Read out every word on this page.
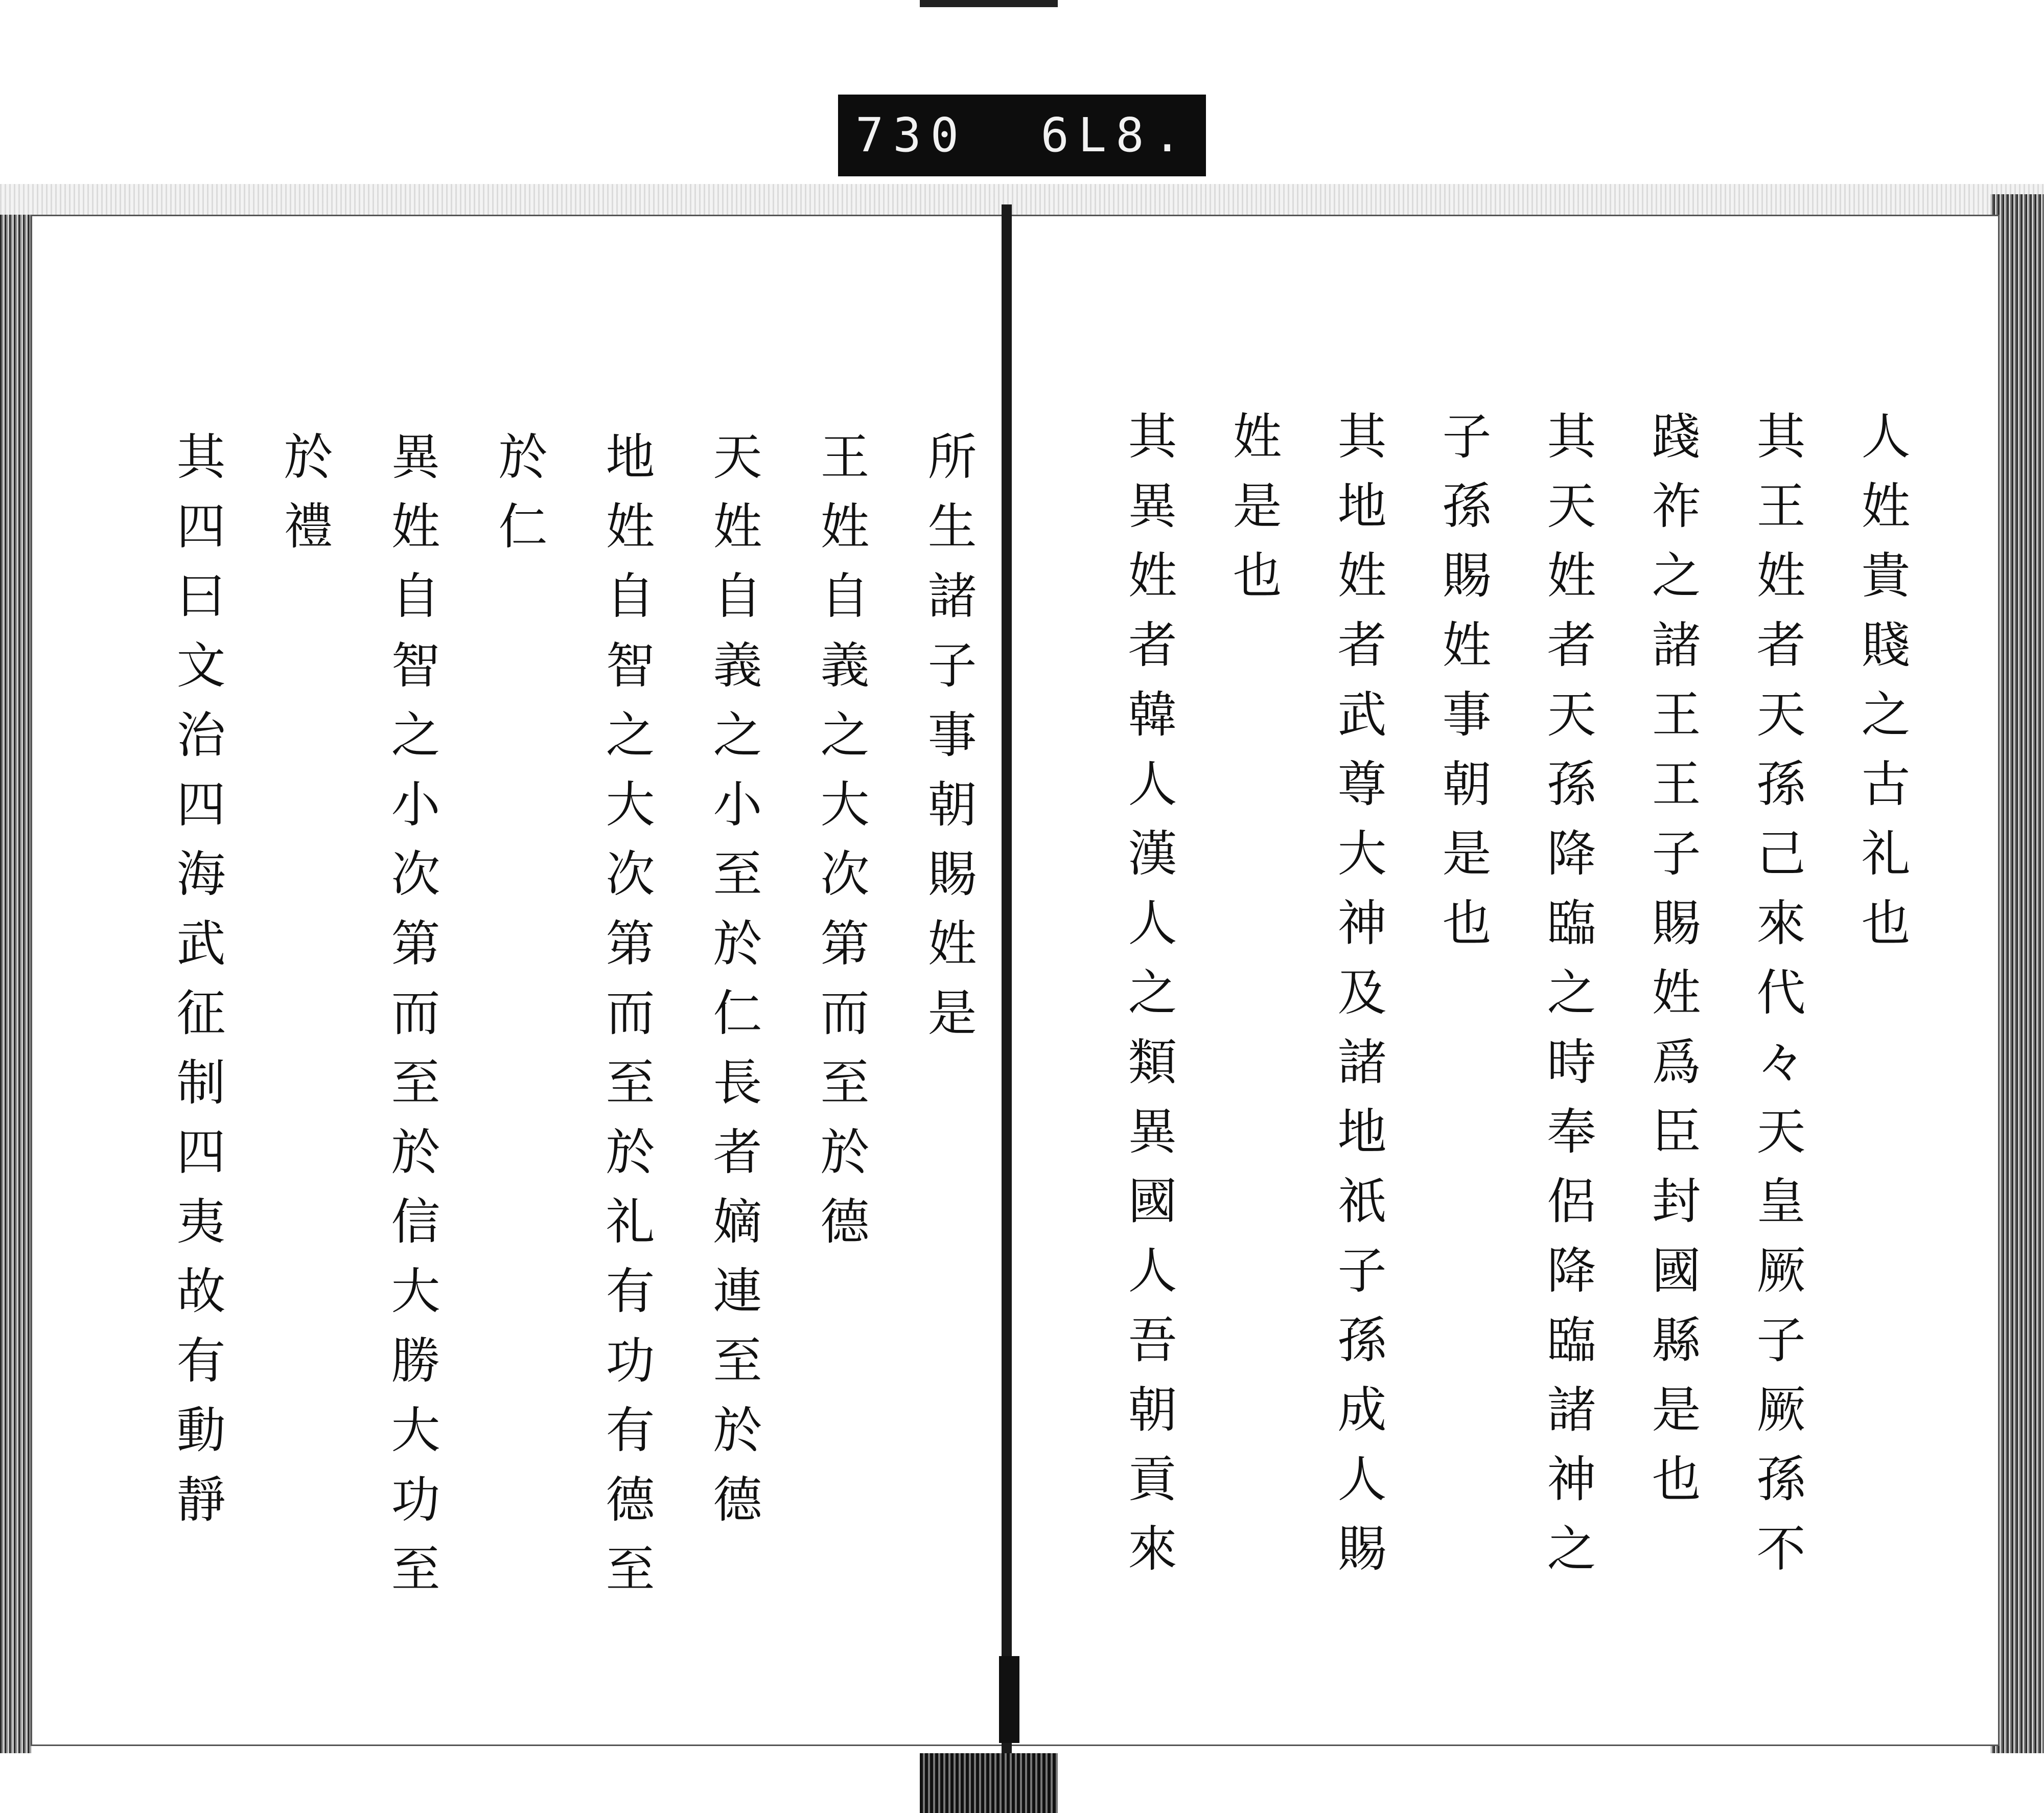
730 6L8.
所生諸子事朝賜姓是
王姓自義之大次第而至於德
天姓自義之小至於仁長者嫡連至於德
地姓自智之大次第而至於礼有功有德至
於仁
異姓自智之小次第而至於信大勝大功至
於禮
其四曰文治四海武征制四夷故有動靜	人姓貴賤之古礼也
其王姓者天孫己來代々天皇厥子厥孫不
踐祚之諸王王子賜姓爲臣封國縣是也
其天姓者天孫降臨之時奉侶降臨諸神之
子孫賜姓事朝是也
其地姓者武尊大神及諸地祇子孫成人賜
姓是也
其異姓者韓人漢人之類異國人吾朝貢來
